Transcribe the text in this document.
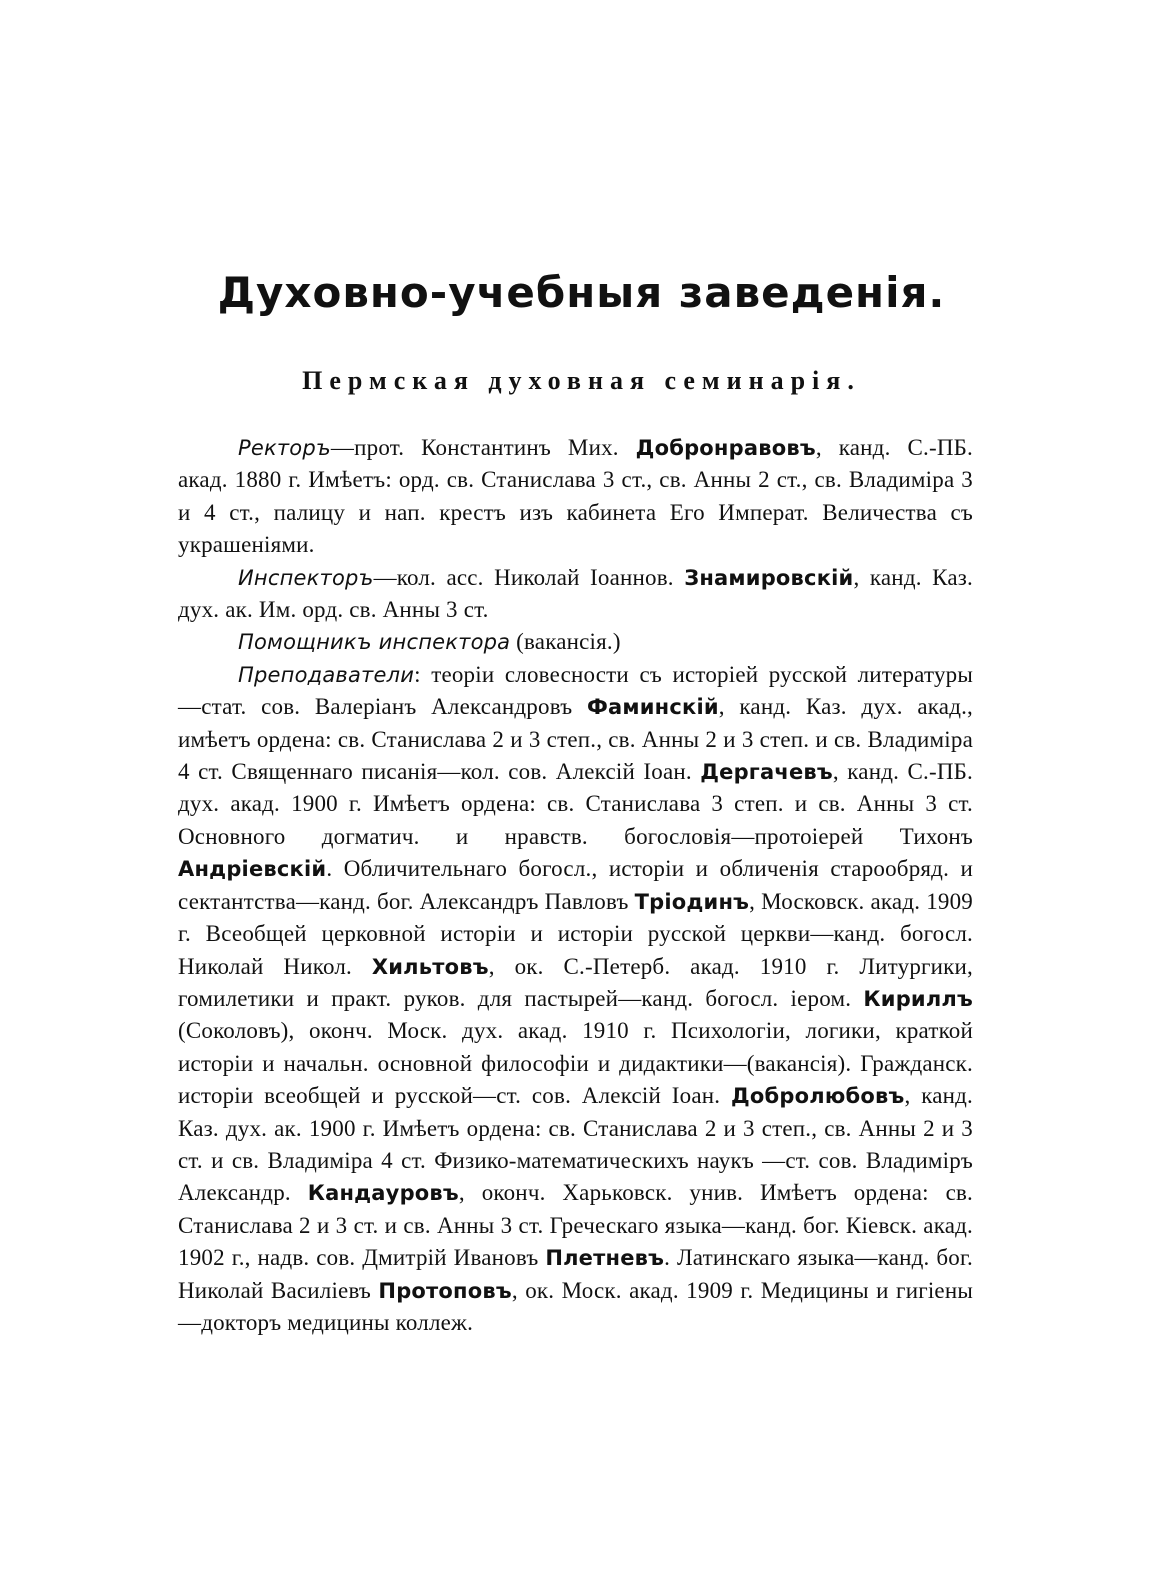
Духовно-учебныя заведенія.
Пермская духовная семинарія.

Ректоръ—прот. Константинъ Мих. Добронравовъ, канд. С.-ПБ. акад. 1880 г. Имѣетъ: орд. св. Станислава 3 ст., св. Анны 2 ст., св. Владиміра 3 и 4 ст., палицу и нап. крестъ изъ кабинета Его Императ. Величества съ украшеніями.

Инспекторъ—кол. асс. Николай Іоаннов. Знамировскій, канд. Каз. дух. ак. Им. орд. св. Анны 3 ст.

Помощникъ инспектора (вакансія.)

Преподаватели: теоріи словесности съ исторіей русской литературы —стат. сов. Валеріанъ Александровъ Фаминскій, канд. Каз. дух. акад., имѣетъ ордена: св. Станислава 2 и 3 степ., св. Анны 2 и 3 степ. и св. Владиміра 4 ст. Священнаго писанія—кол. сов. Алексій Іоан. Дергачевъ, канд. С.-ПБ. дух. акад. 1900 г. Имѣетъ ордена: св. Станислава 3 степ. и св. Анны 3 ст. Основного догматич. и нравств. богословія—протоіерей Тихонъ Андріевскій. Обличительнаго богосл., исторіи и обличенія старообряд. и сектантства—канд. бог. Александръ Павловъ Тріодинъ, Московск. акад. 1909 г. Всеобщей церковной исторіи и исторіи русской церкви—канд. богосл. Николай Никол. Хильтовъ, ок. С.-Петерб. акад. 1910 г. Литургики, гомилетики и практ. руков. для пастырей—канд. богосл. іером. Кириллъ (Соколовъ), оконч. Моск. дух. акад. 1910 г. Психологіи, логики, краткой исторіи и начальн. основной философіи и дидактики—(вакансія). Гражданск. исторіи всеобщей и русской—ст. сов. Алексій Іоан. Добролюбовъ, канд. Каз. дух. ак. 1900 г. Имѣетъ ордена: св. Станислава 2 и 3 степ., св. Анны 2 и 3 ст. и св. Владиміра 4 ст. Физико-математическихъ наукъ —ст. сов. Владиміръ Александр. Кандауровъ, оконч. Харьковск. унив. Имѣетъ ордена: св. Станислава 2 и 3 ст. и св. Анны 3 ст. Греческаго языка—канд. бог. Кіевск. акад. 1902 г., надв. сов. Дмитрій Ивановъ Плетневъ. Латинскаго языка—канд. бог. Николай Василіевъ Протоповъ, ок. Моск. акад. 1909 г. Медицины и гигіены—докторъ медицины коллеж.
